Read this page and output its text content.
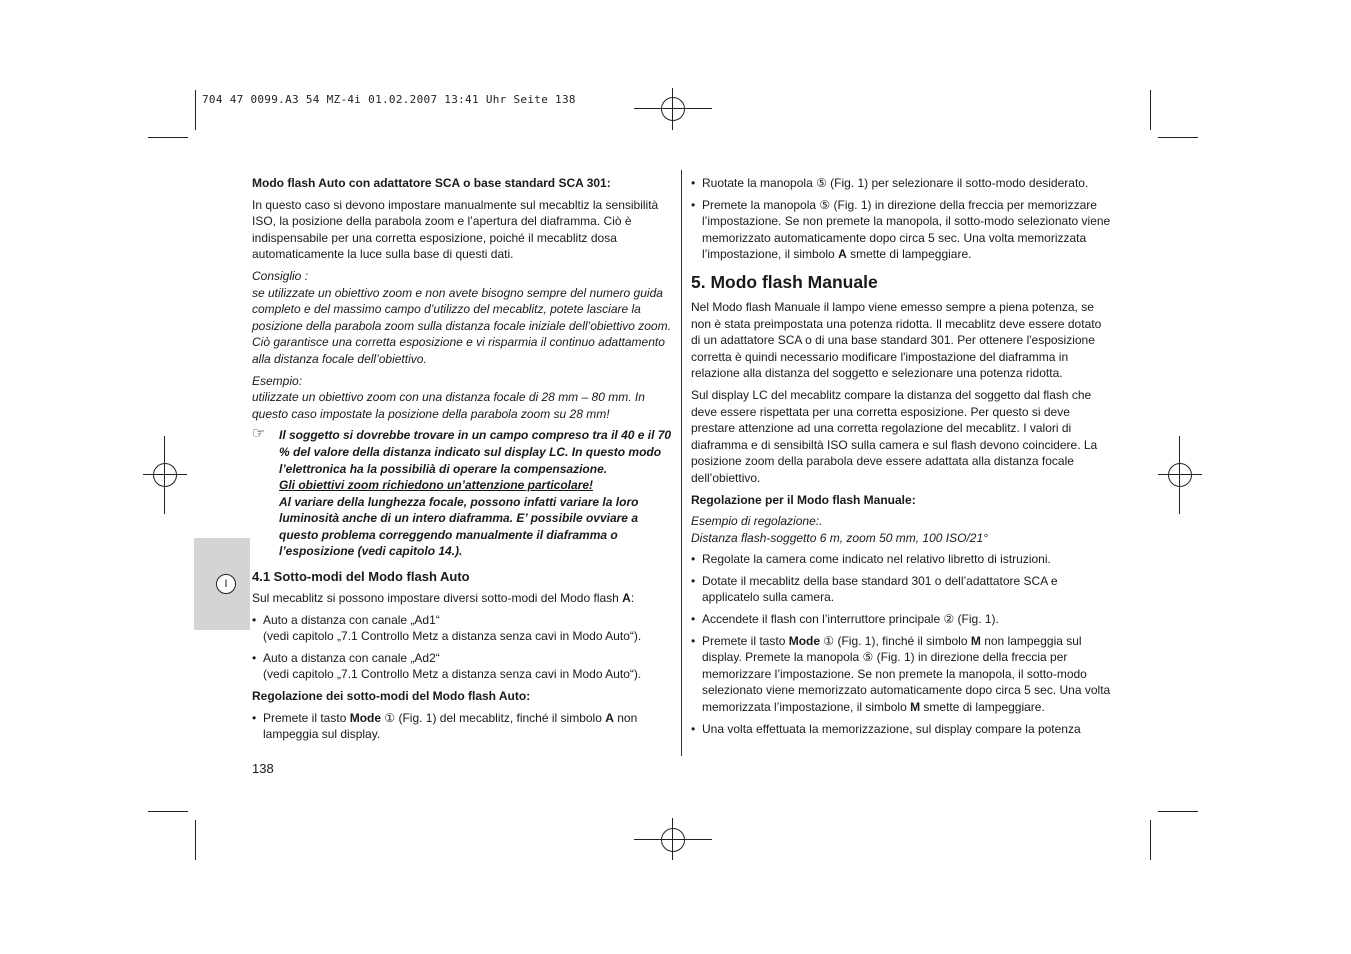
704 47 0099.A3 54 MZ-4i 01.02.2007 13:41 Uhr Seite 138
I

Modo flash Auto con adattatore SCA o base standard SCA 301:

In questo caso si devono impostare manualmente sul mecabltiz la sensibilità ISO, la posizione della parabola zoom e l’apertura del diaframma. Ciò è indispensabile per una corretta esposizione, poiché il mecablitz dosa automaticamente la luce sulla base di questi dati.

Consiglio :

se utilizzate un obiettivo zoom e non avete bisogno sempre del numero guida completo e del massimo campo d’utilizzo del mecablitz, potete lasciare la posizione della parabola zoom sulla distanza focale iniziale dell’obiettivo zoom. Ciò garantisce una corretta esposizione e vi risparmia il continuo adattamento alla distanza focale dell’obiettivo.

Esempio:

utilizzate un obiettivo zoom con una distanza focale di 28 mm – 80 mm. In questo caso impostate la posizione della parabola zoom su 28 mm!

☞ Il soggetto si dovrebbe trovare in un campo compreso tra il 40 e il 70 % del valore della distanza indicato sul display LC. In questo modo l’elettronica ha la possibilià di operare la compensazione.
Gli obiettivi zoom richiedono un’attenzione particolare!
Al variare della lunghezza focale, possono infatti variare la loro luminosità anche di un intero diaframma. E’ possibile ovviare a questo problema correggendo manualmente il diaframma o l’esposizione (vedi capitolo 14.).

4.1 Sotto-modi del Modo flash Auto

Sul mecablitz si possono impostare diversi sotto-modi del Modo flash A:

• Auto a distanza con canale „Ad1“
(vedi capitolo „7.1 Controllo Metz a distanza senza cavi in Modo Auto“).
• Auto a distanza con canale „Ad2“
(vedi capitolo „7.1 Controllo Metz a distanza senza cavi in Modo Auto“).

Regolazione dei sotto-modi del Modo flash Auto:

• Premete il tasto Mode ① (Fig. 1) del mecablitz, finché il simbolo A non lampeggia sul display.
138
• Ruotate la manopola ⑤ (Fig. 1) per selezionare il sotto-modo desiderato.
• Premete la manopola ⑤ (Fig. 1) in direzione della freccia per memorizzare l’impostazione. Se non premete la manopola, il sotto-modo selezionato viene memorizzato automaticamente dopo circa 5 sec. Una volta memorizzata l’impostazione, il simbolo A smette di lampeggiare.
5. Modo flash Manuale

Nel Modo flash Manuale il lampo viene emesso sempre a piena potenza, se non è stata preimpostata una potenza ridotta. Il mecablitz deve essere dotato di un adattatore SCA o di una base standard 301. Per ottenere l'esposizione corretta è quindi necessario modificare l'impostazione del diaframma in relazione alla distanza del soggetto e selezionare una potenza ridotta.

Sul display LC del mecablitz compare la distanza del soggetto dal flash che deve essere rispettata per una corretta esposizione. Per questo si deve prestare attenzione ad una corretta regolazione del mecablitz. I valori di diaframma e di sensibiltà ISO sulla camera e sul flash devono coincidere. La posizione zoom della parabola deve essere adattata alla distanza focale dell’obiettivo.

Regolazione per il Modo flash Manuale:

Esempio di regolazione:.

Distanza flash-soggetto 6 m, zoom 50 mm, 100 ISO/21°

• Regolate la camera come indicato nel relativo libretto di istruzioni.
• Dotate il mecablitz della base standard 301 o dell’adattatore SCA e applicatelo sulla camera.
• Accendete il flash con l’interruttore principale ② (Fig. 1).
• Premete il tasto Mode ① (Fig. 1), finché il simbolo M non lampeggia sul display. Premete la manopola ⑤ (Fig. 1) in direzione della freccia per memorizzare l’impostazione. Se non premete la manopola, il sotto-modo selezionato viene memorizzato automaticamente dopo circa 5 sec. Una volta memorizzata l’impostazione, il simbolo M smette di lampeggiare.
• Una volta effettuata la memorizzazione, sul display compare la potenza
